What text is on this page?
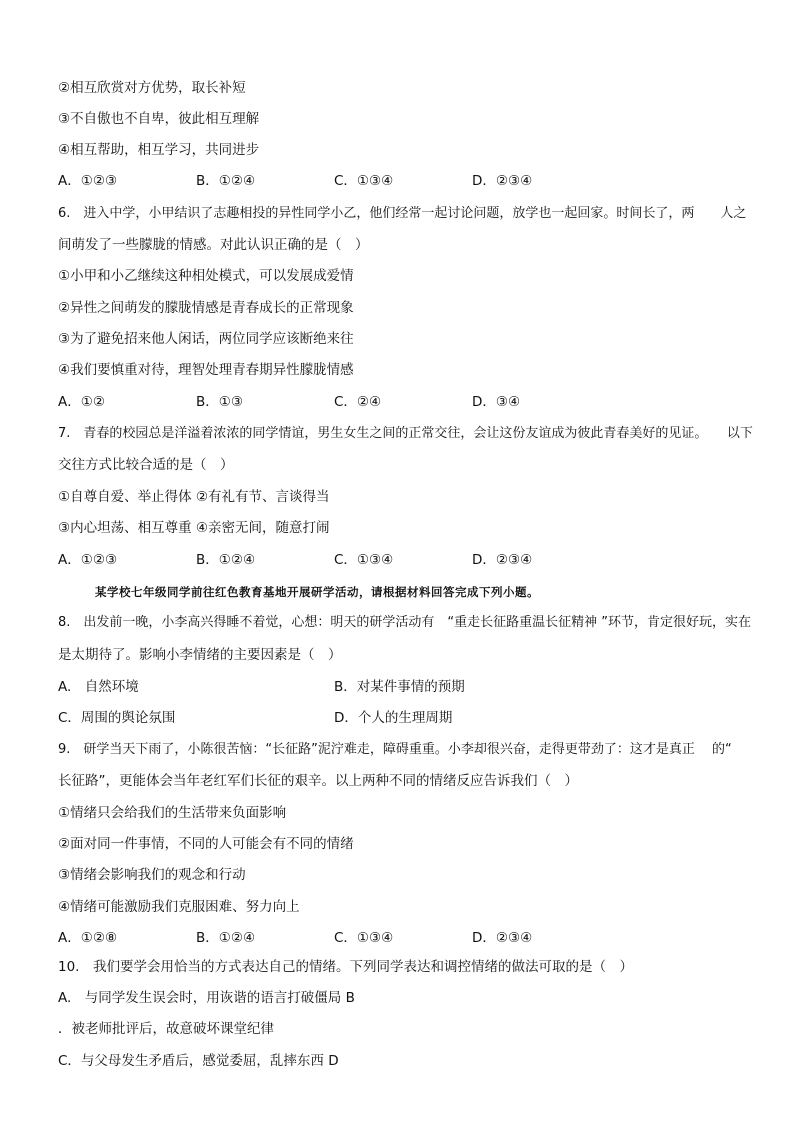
②相互欣赏对方优势，取长补短
③不自傲也不自卑，彼此相互理解
④相互帮助，相互学习，共同进步
A．①②③	B．①②④	C．①③④	D．②③④
6.　进入中学，小甲结识了志趣相投的异性同学小乙，他们经常一起讨论问题，放学也一起回家。时间长了，两　　人之
间萌发了一些朦胧的情感。对此认识正确的是（　）
①小甲和小乙继续这种相处模式，可以发展成爱情
②异性之间萌发的朦胧情感是青春成长的正常现象
③为了避免招来他人闲话，两位同学应该断绝来往
④我们要慎重对待，理智处理青春期异性朦胧情感
A．①②	B．①③	C．②④	D．③④
7.　青春的校园总是洋溢着浓浓的同学情谊，男生女生之间的正常交往，会让这份友谊成为彼此青春美好的见证。　　以下
交往方式比较合适的是（　）
①自尊自爱、举止得体 ②有礼有节、言谈得当
③内心坦荡、相互尊重 ④亲密无间，随意打闹
A．①②③	B．①②④	C．①③④	D．②③④
某学校七年级同学前往红色教育基地开展研学活动，请根据材料回答完成下列小题。
8.　出发前一晚，小李高兴得睡不着觉，心想：明天的研学活动有　“重走长征路重温长征精神 ”环节，肯定很好玩，实在
是太期待了。影响小李情绪的主要因素是（　）
A.　自然环境	B．对某件事情的预期
C．周围的舆论氛围	D．个人的生理周期
9.　研学当天下雨了，小陈很苦恼：“长征路”泥泞难走，障碍重重。小李却很兴奋，走得更带劲了：这才是真正　 的“
长征路”，更能体会当年老红军们长征的艰辛。以上两种不同的情绪反应告诉我们（　）
①情绪只会给我们的生活带来负面影响
②面对同一件事情，不同的人可能会有不同的情绪
③情绪会影响我们的观念和行动
④情绪可能激励我们克服困难、努力向上
A．①②⑧	B．①②④	C．①③④	D．②③④
10.　我们要学会用恰当的方式表达自己的情绪。下列同学表达和调控情绪的做法可取的是（　）
A.　与同学发生误会时，用诙谐的语言打破僵局 B
．被老师批评后，故意破坏课堂纪律
C．与父母发生矛盾后，感觉委屈，乱摔东西 D
